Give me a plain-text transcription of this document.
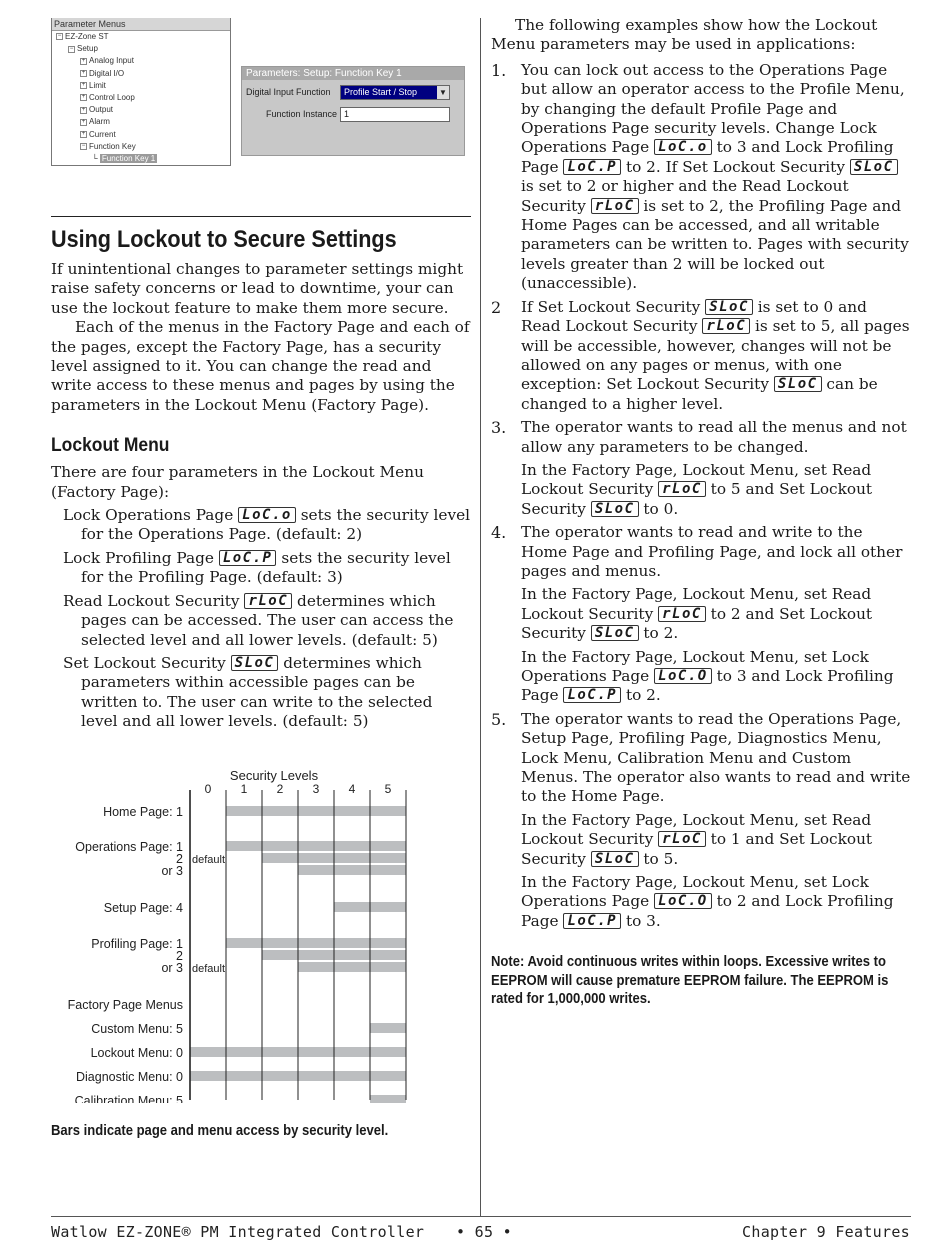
Parameter Menus
− EZ-Zone ST
− Setup
+ Analog Input
+ Digital I/O
+ Limit
+ Control Loop
+ Output
+ Alarm
+ Current
− Function Key
└ Function Key 1
Parameters: Setup: Function Key 1
Digital Input Function	Profile Start / Stop	▼
Function Instance 1
Using Lockout to Secure Settings

If unintentional changes to parameter settings might raise safety concerns or lead to downtime, your can use the lockout feature to make them more secure.

Each of the menus in the Factory Page and each of the pages, except the Factory Page, has a security level assigned to it. You can change the read and write access to these menus and pages by using the parameters in the Lockout Menu (Factory Page).

Lockout Menu

There are four parameters in the Lockout Menu (Factory Page):

Lock Operations Page LoC.o sets the security level for the Operations Page. (default: 2)

Lock Profiling Page LoC.P sets the security level for the Profiling Page. (default: 3)

Read Lockout Security rLoC determines which pages can be accessed. The user can access the selected level and all lower levels. (default: 5)

Set Lockout Security SLoC determines which parameters within accessible pages can be written to. The user can write to the selected level and all lower levels. (default: 5)

Security Levels
0 1 2 3 4 5
Home Page: 1
Operations Page: 1
2 default
or 3
Setup Page: 4
Profiling Page: 1
2
or 3 default
Factory Page Menus
Custom Menu: 5
Lockout Menu: 0
Diagnostic Menu: 0
Calibration Menu: 5
Bars indicate page and menu access by security level.

The following examples show how the Lockout Menu parameters may be used in applications:

1. You can lock out access to the Operations Page but allow an operator access to the Profile Menu, by changing the default Profile Page and Operations Page security levels. Change Lock Operations Page LoC.o to 3 and Lock Profiling Page LoC.P to 2. If Set Lockout Security SLoC is set to 2 or higher and the Read Lockout Security rLoC is set to 2, the Profiling Page and Home Pages can be accessed, and all writable parameters can be written to. Pages with security levels greater than 2 will be locked out (unaccessible).

2 If Set Lockout Security SLoC is set to 0 and Read Lockout Security rLoC is set to 5, all pages will be accessible, however, changes will not be allowed on any pages or menus, with one exception: Set Lockout Security SLoC can be changed to a higher level.

3. The operator wants to read all the menus and not allow any parameters to be changed.

In the Factory Page, Lockout Menu, set Read Lockout Security rLoC to 5 and Set Lockout Security SLoC to 0.

4. The operator wants to read and write to the Home Page and Profiling Page, and lock all other pages and menus.

In the Factory Page, Lockout Menu, set Read Lockout Security rLoC to 2 and Set Lockout Security SLoC to 2.

In the Factory Page, Lockout Menu, set Lock Operations Page LoC.O to 3 and Lock Profiling Page LoC.P to 2.

5. The operator wants to read the Operations Page, Setup Page, Profiling Page, Diagnostics Menu, Lock Menu, Calibration Menu and Custom Menus. The operator also wants to read and write to the Home Page.

In the Factory Page, Lockout Menu, set Read Lockout Security rLoC to 1 and Set Lockout Security SLoC to 5.

In the Factory Page, Lockout Menu, set Lock Operations Page LoC.O to 2 and Lock Profiling Page LoC.P to 3.

Note: Avoid continuous writes within loops. Excessive writes to EEPROM will cause premature EEPROM failure. The EEPROM is rated for 1,000,000 writes.
Watlow EZ-ZONE® PM Integrated Controller • 65 •	Chapter 9 Features
